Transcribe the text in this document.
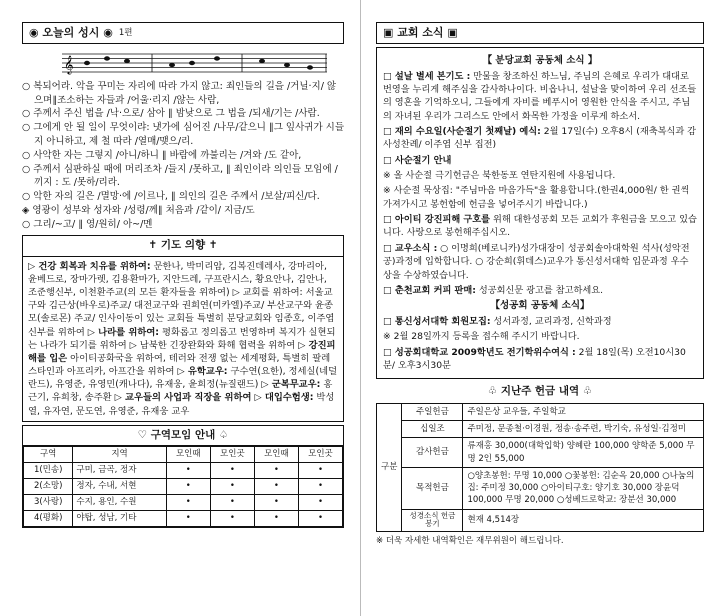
◉ 오늘의 성시 ◉ 1편
𝄞

○ 복되어라. 악을 꾸미는 자리에 따라 가지 않고: 죄인들의 길을 /거닐·지/ 않으며∥조소하는 자들과 /어울·리지 /않는 사람,

○ 주께서 주신 법을 /낙·으로/ 삼아 ∥ 밤낮으로 그 법을 /되새/기는 /사람.

○ 그에게 안 될 일이 무엇이랴: 냇가에 심어진 /나무/같으니 ∥그 잎사귀가 시들지 아니하고, 제 철 따라 /열매/맺으/리.

○ 사악한 자는 그렇지 /아니/하니 ∥ 바람에 까불리는 /겨와 /도 같아,

○ 주께서 심판하실 때에 머리조차 /들지 /못하고, ∥ 죄인이라 의인들 모임에 /끼지 : 도 /못하/리라.

○ 악한 자의 길은 /멸망·에 /이르나, ∥ 의인의 길은 주께서 /보살/피신/다.

◈ 영광이 성부와 성자와 /성령/께∥ 처음과 /같이/ 지금/도

○ 그리/~고/ ∥ 영/원히/ 아~/멘

✝ 기도 의향 ✝
▷ 건강 회복과 치유를 위하여: 문한나, 박미리암, 김복진데레사, 강마리아, 윤베드로, 장마가렛, 김용환마가, 지안드레, 구프란시스, 황요안나, 김안나, 조준행신부, 이천환주교(의 모든 환자들을 위하여) ▷ 교회를 위하여: 서울교구와 김근상(바우로)주교/ 대전교구와 권희연(미카엘)주교/ 부산교구와 윤종모(솔로몬) 주교/ 인사이동이 있는 교회들 특별히 분당교회와 임종호, 이주엽 신부를 위하여 ▷ 나라를 위하여: 평화롭고 정의롭고 번영하며 복지가 실현되는 나라가 되기를 위하여 ▷ 남북한 긴장완화와 화해 협력을 위하여 ▷ 강진피해를 입은 아이티공화국을 위하여, 테러와 전쟁 없는 세계평화, 특별히 팔레스타인과 아프리카, 아프간을 위하여 ▷ 유학교우: 구수연(요한), 정세실(네덜란드), 유영준, 유영민(캐나다), 유재웅, 윤희정(뉴질랜드) ▷ 군복무교우: 홍근기, 유희창, 송주환 ▷ 교우들의 사업과 직장을 위하여 ▷ 대입수험생: 박성열, 유자연, 문도연, 유영준, 유재웅 교우
♡ 구역모임 안내 ♤
구역	지역	모인때	모인곳	모인때	모인곳
1(민송)	구미, 금곡, 정자	•	•	•	•
2(소망)	정자, 수내, 서현	•	•	•	•
3(사랑)	수지, 용인, 수원	•	•	•	•
4(평화)	야탑, 성남, 기타	•	•	•	•
▣ 교회 소식 ▣
【 분당교회 공동체 소식 】

□ 설날 별세 본기도 : 만물을 창조하신 하느님, 주님의 은혜로 우리가 대대로 번영을 누리게 해주심을 감사하나이다. 비옵나니, 설날을 맞이하여 우리 선조들의 영혼을 기억하오니, 그들에게 자비를 베푸시어 영원한 안식을 주시고, 주님의 자녀된 우리가 그리스도 안에서 화목한 가정을 이루게 하소서.

□ 재의 수요일(사순절기 첫째날) 예식: 2월 17일(수) 오후8시 (재축복식과 감사성찬례/ 이주엽 신부 집전)

□ 사순절기 안내

※ 올 사순절 극기헌금은 북한동포 연탄지원에 사용됩니다.

※ 사순절 묵상집: "주님마음 마음가득"을 활용합니다.(한권4,000원/ 한 권씩 가져가시고 봉헌함에 헌금을 넣어주시기 바랍니다.)

□ 아이티 강진피해 구호를 위해 대한성공회 모든 교회가 후원금을 모으고 있습니다. 사랑으로 봉헌해주십시오.

□ 교우소식 : ○ 이명희(베로니카)성가대장이 성공회솔아대학원 석사(성악전공)과정에 입학합니다. ○ 강순희(휘데스)교우가 통신성서대학 입문과정 우수상을 수상하였습니다.

□ 춘천교회 커피 판매: 성공회신문 광고를 참고하세요.

【성공회 공동체 소식】

□ 통신성서대학 회원모집: 성서과정, 교리과정, 신학과정

※ 2월 28일까지 등록을 접수해 주시기 바랍니다.

□ 성공회대학교 2009학년도 전기학위수여식 : 2월 18일(목) 오전10시30분/ 오후3시30분

♧ 지난주 헌금 내역 ♧
구분	주일헌금	주일은상 교우들, 주일학교
	십일조	주미정, 문종철·이경원, 정송·송주련, 박기숙, 유성일·김정미
	감사헌금	류재홍 30,000(대학입학) 양혜란 100,000 양학준 5,000 무명 2인 55,000
	목적헌금	○양초봉헌: 무명 10,000 ○꽃봉헌: 김순옥 20,000 ○나눔의집: 주미정 30,000 ○아이티구호: 양기호 30,000 장윤덕 100,000 무명 20,000 ○성베드로학교: 장분선 30,000
	성경소식 헌금봉기	현재 4,514장
※ 더욱 자세한 내역확인은 재무위원이 해드립니다.
